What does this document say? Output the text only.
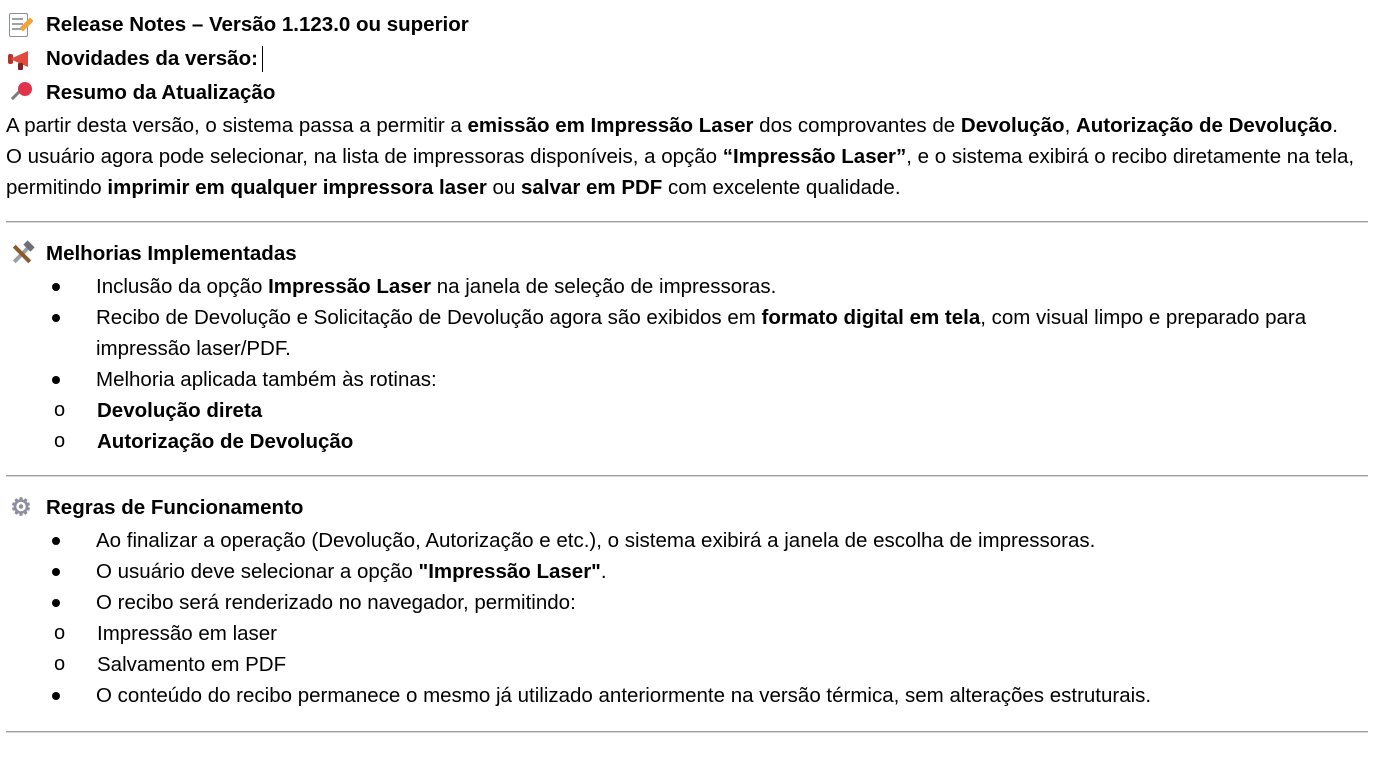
Release Notes – Versão 1.123.0 ou superior
Novidades da versão:
Resumo da Atualização

A partir desta versão, o sistema passa a permitir a emissão em Impressão Laser dos comprovantes de Devolução, Autorização de Devolução.

O usuário agora pode selecionar, na lista de impressoras disponíveis, a opção “Impressão Laser”, e o sistema exibirá o recibo diretamente na tela, permitindo imprimir em qualquer impressora laser ou salvar em PDF com excelente qualidade.

Melhorias Implementadas
Inclusão da opção Impressão Laser na janela de seleção de impressoras.
Recibo de Devolução e Solicitação de Devolução agora são exibidos em formato digital em tela, com visual limpo e preparado para impressão laser/PDF.
Melhoria aplicada também às rotinas:
o Devolução direta
o Autorização de Devolução
⚙ Regras de Funcionamento
Ao finalizar a operação (Devolução, Autorização e etc.), o sistema exibirá a janela de escolha de impressoras.
O usuário deve selecionar a opção "Impressão Laser".
O recibo será renderizado no navegador, permitindo:
o Impressão em laser
o Salvamento em PDF
O conteúdo do recibo permanece o mesmo já utilizado anteriormente na versão térmica, sem alterações estruturais.
